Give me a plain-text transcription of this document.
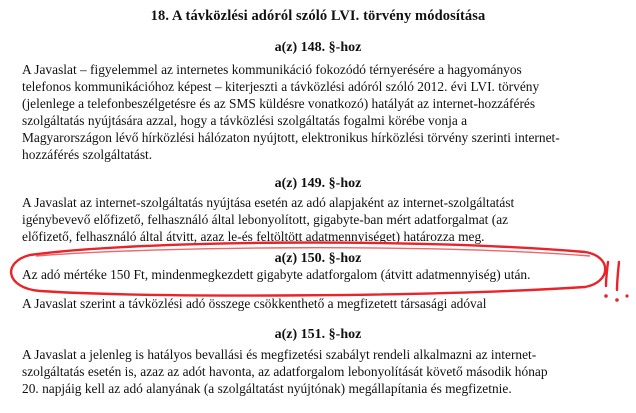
18. A távközlési adóról szóló LVI. törvény módosítása
a(z) 148. §-hoz
A Javaslat – figyelemmel az internetes kommunikáció fokozódó térnyerésére a hagyományos
telefonos kommunikációhoz képest – kiterjeszti a távközlési adóról szóló 2012. évi LVI. törvény
(jelenlege a telefonbeszélgetésre és az SMS küldésre vonatkozó) hatályát az internet-hozzáférés
szolgáltatás nyújtására azzal, hogy a távközlési szolgáltatás fogalmi körébe vonja a
Magyarországon lévő hírközlési hálózaton nyújtott, elektronikus hírközlési törvény szerinti internet-
hozzáférés szolgáltatást.
a(z) 149. §-hoz
A Javaslat az internet-szolgáltatás nyújtása esetén az adó alapjaként az internet-szolgáltatást
igénybevevő előfizető, felhasználó által lebonyolított, gigabyte-ban mért adatforgalmat (az
előfizető, felhasználó által átvitt, azaz le-és feltöltött adatmennyiséget) határozza meg.
a(z) 150. §-hoz
Az adó mértéke 150 Ft, mindenmegkezdett gigabyte adatforgalom (átvitt adatmennyiség) után.
A Javaslat szerint a távközlési adó összege csökkenthető a megfizetett társasági adóval
a(z) 151. §-hoz
A Javaslat a jelenleg is hatályos bevallási és megfizetési szabályt rendeli alkalmazni az internet-
szolgáltatás esetén is, azaz az adót havonta, az adatforgalom lebonyolítását követő második hónap
20. napjáig kell az adó alanyának (a szolgáltatást nyújtónak) megállapítania és megfizetnie.
